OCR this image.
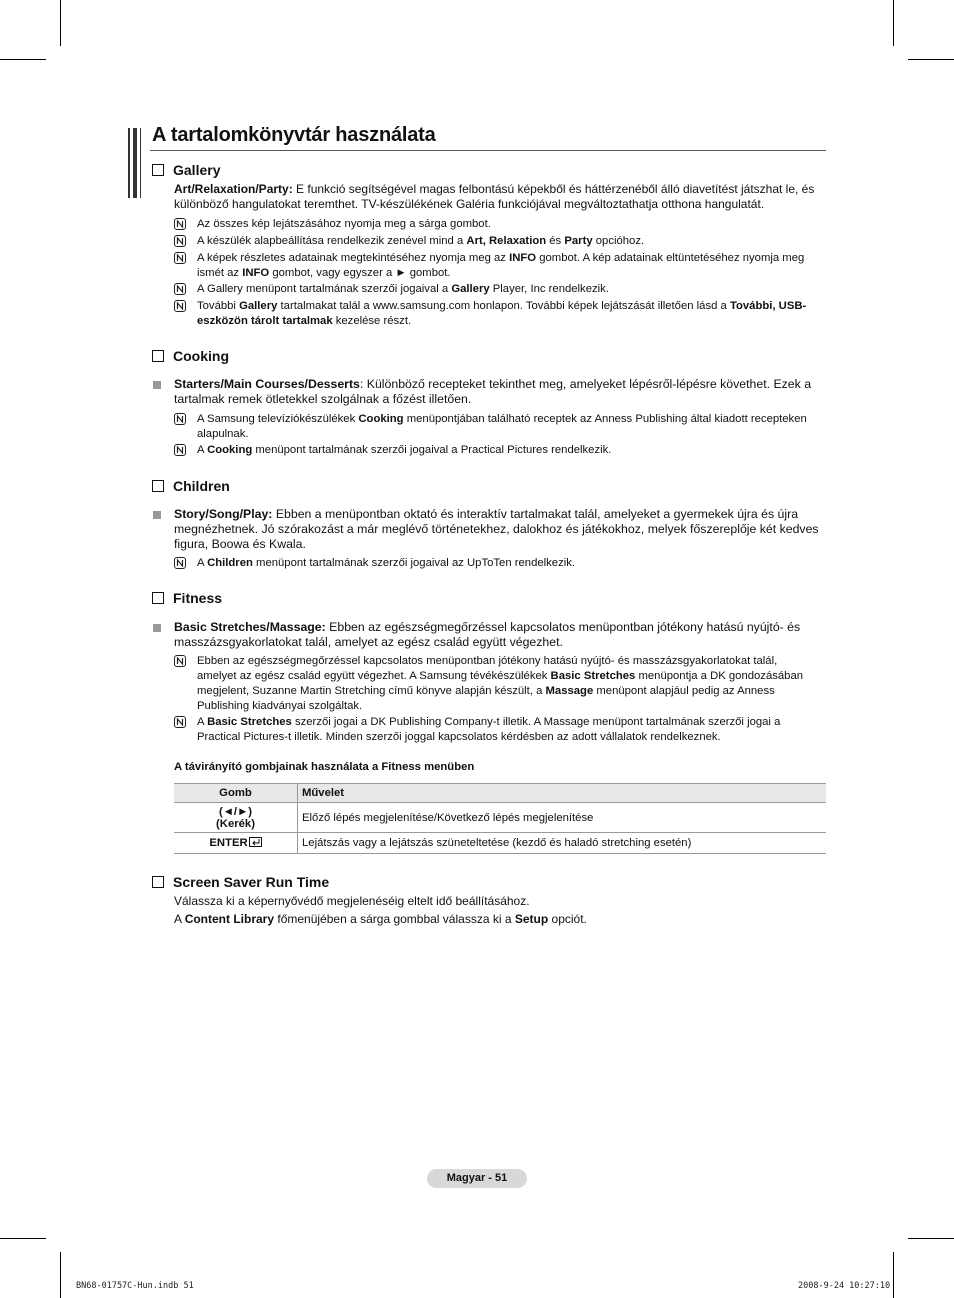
A tartalomkönyvtár használata
Gallery
Art/Relaxation/Party: E funkció segítségével magas felbontású képekből és háttérzenéből álló diavetítést játszhat le, és
különböző hangulatokat teremthet. TV-készülékének Galéria funkciójával megváltoztathatja otthona hangulatát.
Az összes kép lejátszásához nyomja meg a sárga gombot.
A készülék alapbeállítása rendelkezik zenével mind a Art, Relaxation és Party opcióhoz.
A képek részletes adatainak megtekintéséhez nyomja meg az INFO gombot. A kép adatainak eltüntetéséhez nyomja meg
ismét az INFO gombot, vagy egyszer a ► gombot.
A Gallery menüpont tartalmának szerzői jogaival a Gallery Player, Inc rendelkezik.
További Gallery tartalmakat talál a www.samsung.com honlapon. További képek lejátszását illetően lásd a További, USB-
eszközön tárolt tartalmak kezelése részt.
Cooking
Starters/Main Courses/Desserts: Különböző recepteket tekinthet meg, amelyeket lépésről-lépésre követhet. Ezek a
tartalmak remek ötletekkel szolgálnak a főzést illetően.
A Samsung televíziókészülékek Cooking menüpontjában található receptek az Anness Publishing által kiadott recepteken
alapulnak.
A Cooking menüpont tartalmának szerzői jogaival a Practical Pictures rendelkezik.
Children
Story/Song/Play: Ebben a menüpontban oktató és interaktív tartalmakat talál, amelyeket a gyermekek újra és újra
megnézhetnek. Jó szórakozást a már meglévő történetekhez, dalokhoz és játékokhoz, melyek főszereplője két kedves
figura, Boowa és Kwala.
A Children menüpont tartalmának szerzői jogaival az UpToTen rendelkezik.
Fitness
Basic Stretches/Massage: Ebben az egészségmegőrzéssel kapcsolatos menüpontban jótékony hatású nyújtó- és
masszázsgyakorlatokat talál, amelyet az egész család együtt végezhet.
Ebben az egészségmegőrzéssel kapcsolatos menüpontban jótékony hatású nyújtó- és masszázsgyakorlatokat talál,
amelyet az egész család együtt végezhet. A Samsung tévékészülékek Basic Stretches menüpontja a DK gondozásában
megjelent, Suzanne Martin Stretching című könyve alapján készült, a Massage menüpont alapjául pedig az Anness
Publishing kiadványai szolgáltak.
A Basic Stretches szerzői jogai a DK Publishing Company-t illetik. A Massage menüpont tartalmának szerzői jogai a
Practical Pictures-t illetik. Minden szerzői joggal kapcsolatos kérdésben az adott vállalatok rendelkeznek.
A távirányító gombjainak használata a Fitness menüben
Gomb	Művelet
(◄/►)
(Kerék)	Előző lépés megjelenítése/Következő lépés megjelenítése
ENTER	Lejátszás vagy a lejátszás szüneteltetése (kezdő és haladó stretching esetén)
Screen Saver Run Time
Válassza ki a képernyővédő megjelenéséig eltelt idő beállításához.
A Content Library főmenüjében a sárga gombbal válassza ki a Setup opciót.
Magyar - 51
BN68-01757C-Hun.indb 51	2008-9-24 10:27:10
